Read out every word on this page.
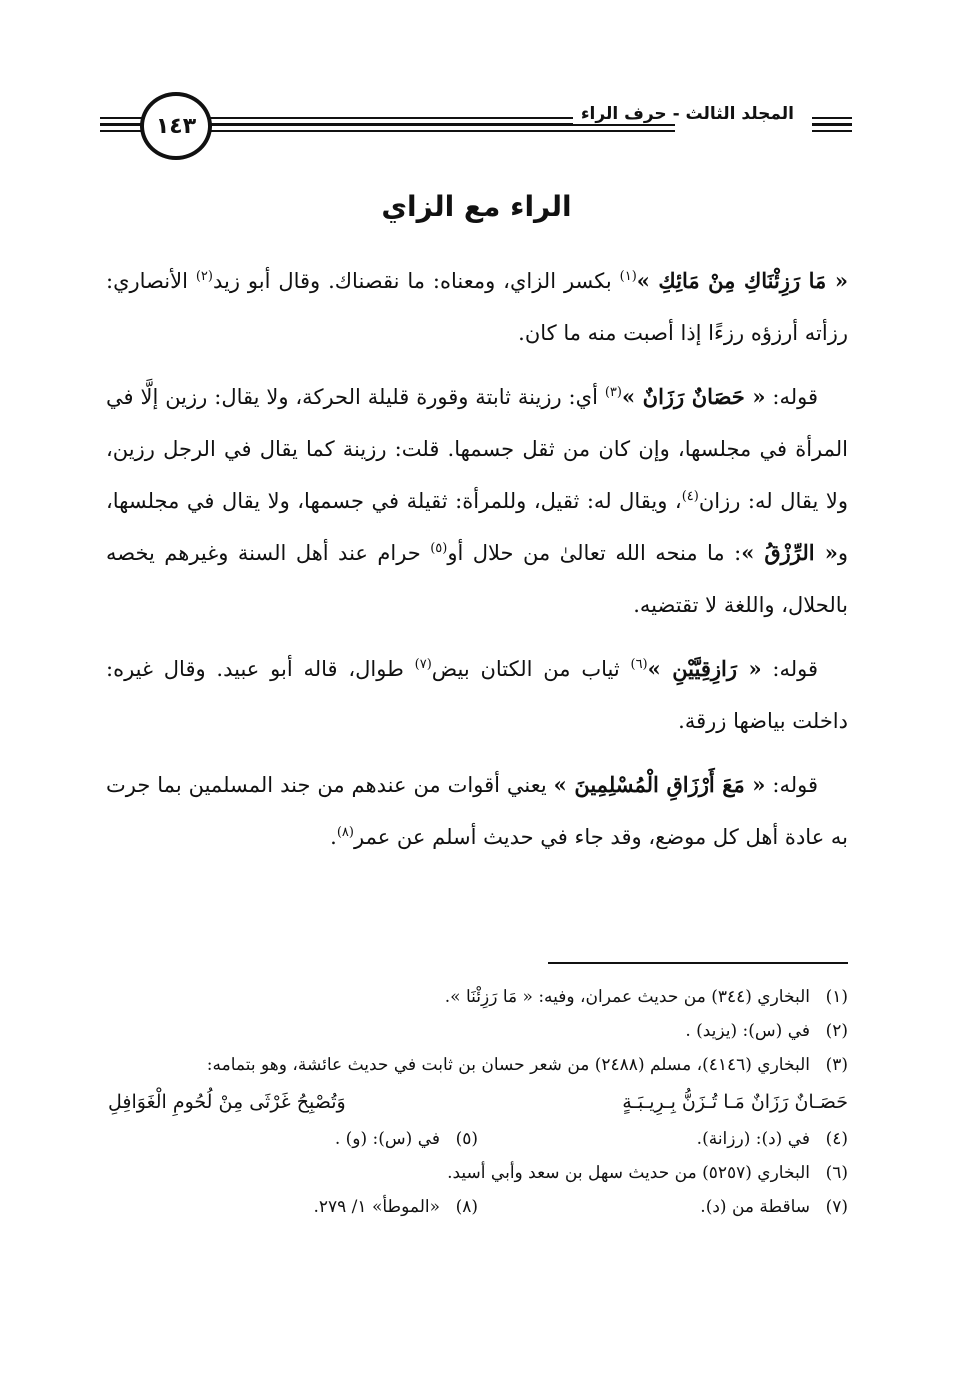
١٤٣	المجلد الثالث - حرف الراء
الراء مع الزاي

« مَا رَزِئْنَاكِ مِنْ مَائِكِ »$^{(١)}$ بكسر الزاي، ومعناه: ما نقصناك. وقال أبو زيد$^{(٢)}$ الأنصاري: رزأته أرزؤه رزءًا إذا أصبت منه ما كان.

قوله: « حَصَانٌ رَزَانٌ »$^{(٣)}$ أي: رزينة ثابتة وقورة قليلة الحركة، ولا يقال: رزين إلَّا في المرأة في مجلسها، وإن كان من ثقل جسمها. قلت: رزينة كما يقال في الرجل رزين، ولا يقال له: رزان$^{(٤)}$، ويقال له: ثقيل، وللمرأة: ثقيلة في جسمها، ولا يقال في مجلسها، و« الرِّزْقُ »: ما منحه الله تعالىٰ من حلال أو$^{(٥)}$ حرام عند أهل السنة وغيرهم يخصه بالحلال، واللغة لا تقتضيه.

قوله: « رَازِقِيَّيْنِ »$^{(٦)}$ ثياب من الكتان بيض$^{(٧)}$ طوال، قاله أبو عبيد. وقال غيره: داخلت بياضها زرقة.

قوله: « مَعَ أَرْزَاقِ الْمُسْلِمِينَ » يعني أقوات من عندهم من جند المسلمين بما جرت به عادة أهل كل موضع، وقد جاء في حديث أسلم عن عمر$^{(٨)}$.

(١)
البخاري (٣٤٤) من حديث عمران، وفيه: « مَا رَزِئْنَا ».
(٢)
في (س): (يزيد) .
(٣)
البخاري (٤١٤٦)، مسلم (٢٤٨٨) من شعر حسان بن ثابت في حديث عائشة، وهو بتمامه:
حَصَـانٌ رَزَانٌ مَـا تُـزَنُّ بِـرِيـبَـةٍ
وَتُصْبِحُ غَرْثَى مِنْ لُحُومِ الْغَوَافِلِ
(٤)
في (د): (رزانة).
(٥)
في (س): (و) .
(٦)
البخاري (٥٢٥٧) من حديث سهل بن سعد وأبي أسيد.
(٧)
ساقطة من (د).
(٨)
«الموطأ» ١/ ٢٧٩.
